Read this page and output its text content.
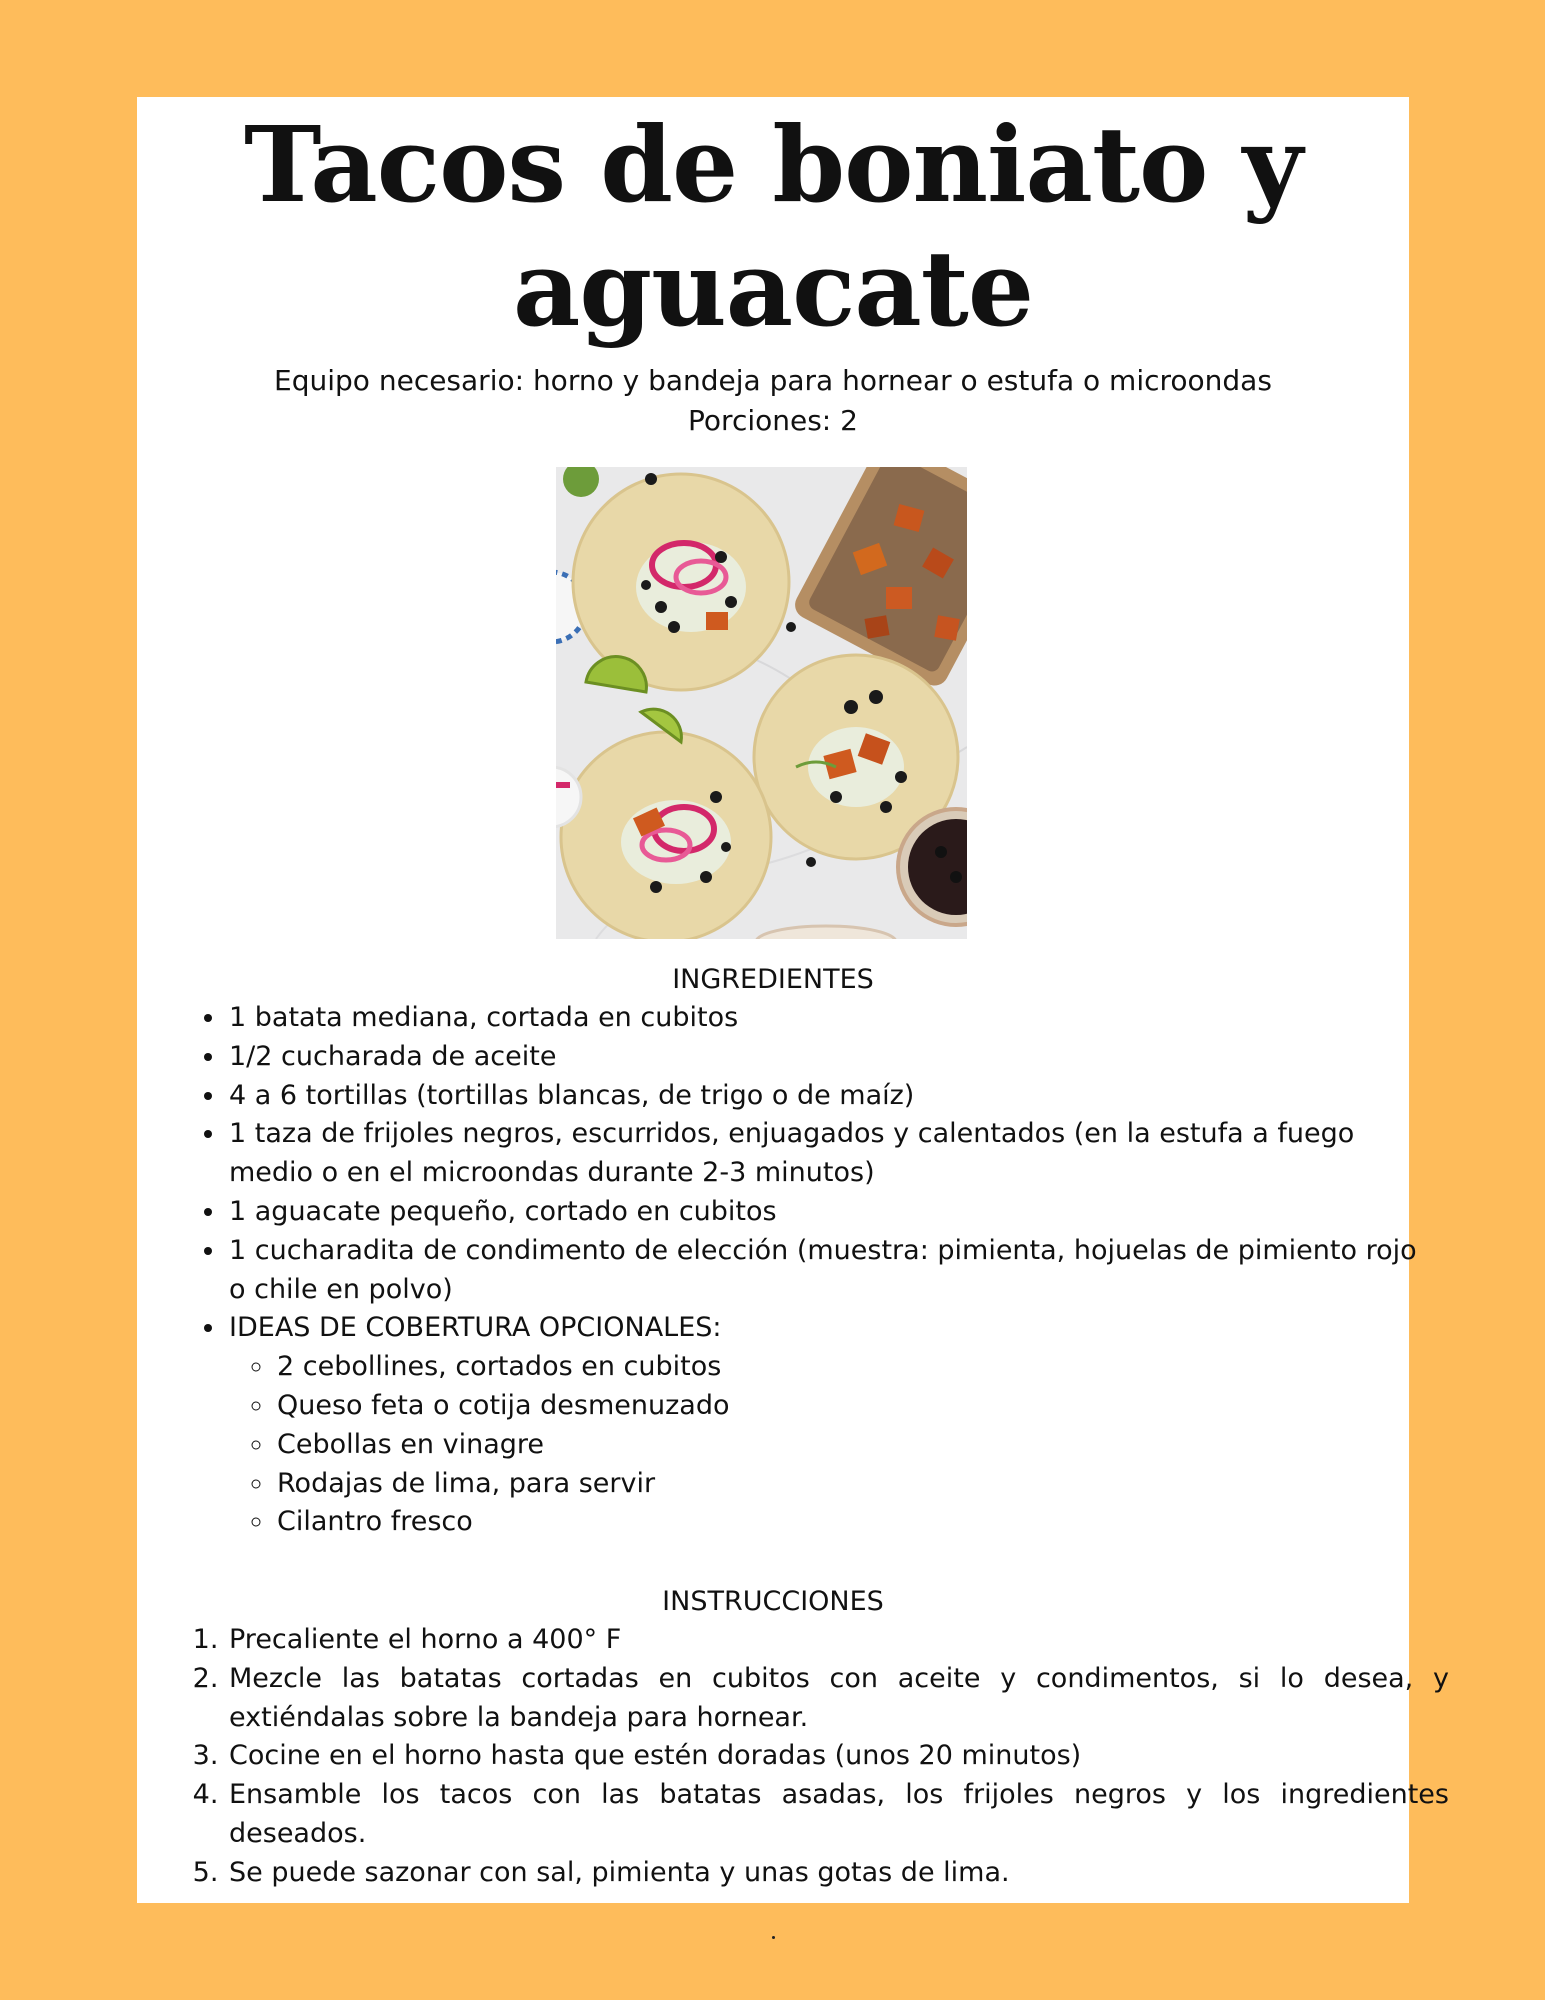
Tacos de boniato y
aguacate
Equipo necesario: horno y bandeja para hornear o estufa o microondas
Porciones: 2
INGREDIENTES
• 1 batata mediana, cortada en cubitos
• 1/2 cucharada de aceite
• 4 a 6 tortillas (tortillas blancas, de trigo o de maíz)
• 1 taza de frijoles negros, escurridos, enjuagados y calentados (en la estufa a fuego medio o en el microondas durante 2-3 minutos)
• 1 aguacate pequeño, cortado en cubitos
• 1 cucharadita de condimento de elección (muestra: pimienta, hojuelas de pimiento rojo o chile en polvo)
• IDEAS DE COBERTURA OPCIONALES:
◦ 2 cebollines, cortados en cubitos
◦ Queso feta o cotija desmenuzado
◦ Cebollas en vinagre
◦ Rodajas de lima, para servir
◦ Cilantro fresco
INSTRUCCIONES
1. Precaliente el horno a 400° F
2. Mezcle las batatas cortadas en cubitos con aceite y condimentos, si lo desea, y extiéndalas sobre la bandeja para hornear.
3. Cocine en el horno hasta que estén doradas (unos 20 minutos)
4. Ensamble los tacos con las batatas asadas, los frijoles negros y los ingredientes deseados.
5. Se puede sazonar con sal, pimienta y unas gotas de lima.
